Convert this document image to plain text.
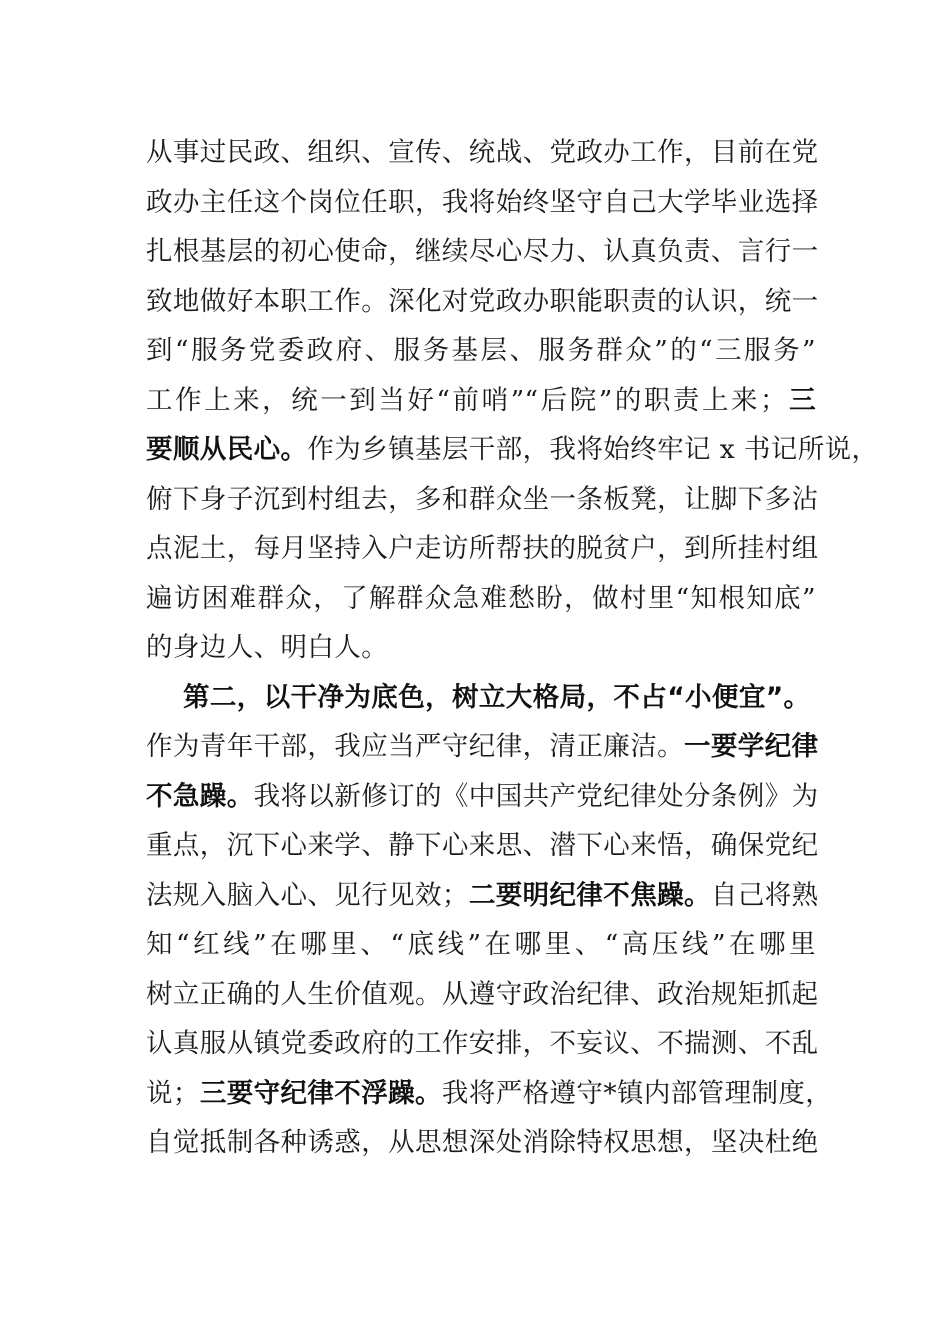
从事过民政、组织、宣传、统战、党政办工作，目前在党
政办主任这个岗位任职，我将始终坚守自己大学毕业选择
扎根基层的初心使命，继续尽心尽力、认真负责、言行一
致地做好本职工作。深化对党政办职能职责的认识，统一
到“服务党委政府、服务基层、服务群众”的“三服务”
工作上来，统一到当好“前哨”“后院”的职责上来；三
要顺从民心。作为乡镇基层干部，我将始终牢记 x 书记所说，
俯下身子沉到村组去，多和群众坐一条板凳，让脚下多沾
点泥土，每月坚持入户走访所帮扶的脱贫户，到所挂村组
遍访困难群众，了解群众急难愁盼，做村里“知根知底”
的身边人、明白人。
第二，以干净为底色，树立大格局，不占“小便宜”。
作为青年干部，我应当严守纪律，清正廉洁。一要学纪律
不急躁。我将以新修订的《中国共产党纪律处分条例》为
重点，沉下心来学、静下心来思、潜下心来悟，确保党纪
法规入脑入心、见行见效；二要明纪律不焦躁。自己将熟
知“红线”在哪里、“底线”在哪里、“高压线”在哪里
树立正确的人生价值观。从遵守政治纪律、政治规矩抓起
认真服从镇党委政府的工作安排，不妄议、不揣测、不乱
说；三要守纪律不浮躁。我将严格遵守*镇内部管理制度，
自觉抵制各种诱惑，从思想深处消除特权思想，坚决杜绝
